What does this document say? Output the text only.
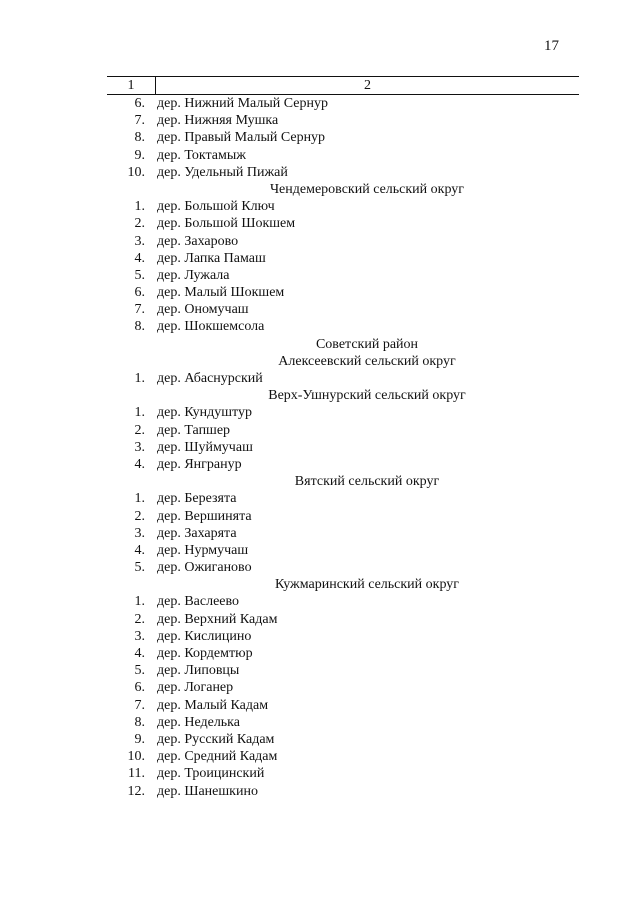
17
1	2
6. дер. Нижний Малый Сернур
7. дер. Нижняя Мушка
8. дер. Правый Малый Сернур
9. дер. Токтамыж
10. дер. Удельный Пижай
Чендемеровский сельский округ
1. дер. Большой Ключ
2. дер. Большой Шокшем
3. дер. Захарово
4. дер. Лапка Памаш
5. дер. Лужала
6. дер. Малый Шокшем
7. дер. Ономучаш
8. дер. Шокшемсола
Советский район
Алексеевский сельский округ
1. дер. Абаснурский
Верх-Ушнурский сельский округ
1. дер. Кундуштур
2. дер. Тапшер
3. дер. Шуймучаш
4. дер. Янгранур
Вятский сельский округ
1. дер. Березята
2. дер. Вершинята
3. дер. Захарята
4. дер. Нурмучаш
5. дер. Ожиганово
Кужмаринский сельский округ
1. дер. Васлеево
2. дер. Верхний Кадам
3. дер. Кислицино
4. дер. Кордемтюр
5. дер. Липовцы
6. дер. Логанер
7. дер. Малый Кадам
8. дер. Неделька
9. дер. Русский Кадам
10. дер. Средний Кадам
11. дер. Троицинский
12. дер. Шанешкино
